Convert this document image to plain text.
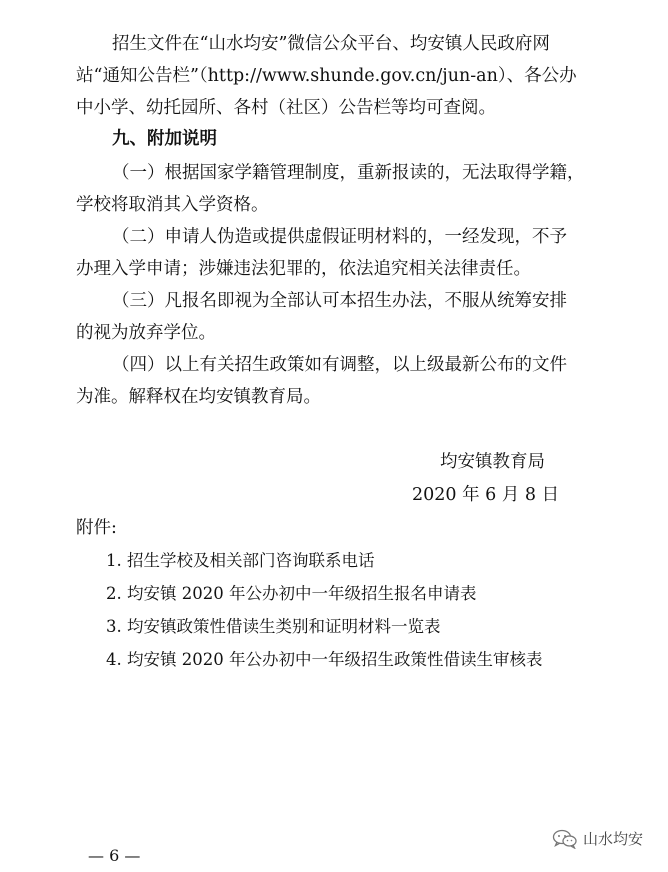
招生文件在“山水均安”微信公众平台、均安镇人民政府网
站“通知公告栏”（http://www.shunde.gov.cn/jun-an）、各公办
中小学、幼托园所、各村（社区）公告栏等均可查阅。
九、附加说明
（一）根据国家学籍管理制度，重新报读的，无法取得学籍，
学校将取消其入学资格。
（二）申请人伪造或提供虚假证明材料的，一经发现，不予
办理入学申请；涉嫌违法犯罪的，依法追究相关法律责任。
（三）凡报名即视为全部认可本招生办法，不服从统筹安排
的视为放弃学位。
（四）以上有关招生政策如有调整，以上级最新公布的文件
为准。解释权在均安镇教育局。
均安镇教育局
2020 年 6 月 8 日
附件:
1. 招生学校及相关部门咨询联系电话
2. 均安镇 2020 年公办初中一年级招生报名申请表
3. 均安镇政策性借读生类别和证明材料一览表
4. 均安镇 2020 年公办初中一年级招生政策性借读生审核表
山水均安
— 6 —
